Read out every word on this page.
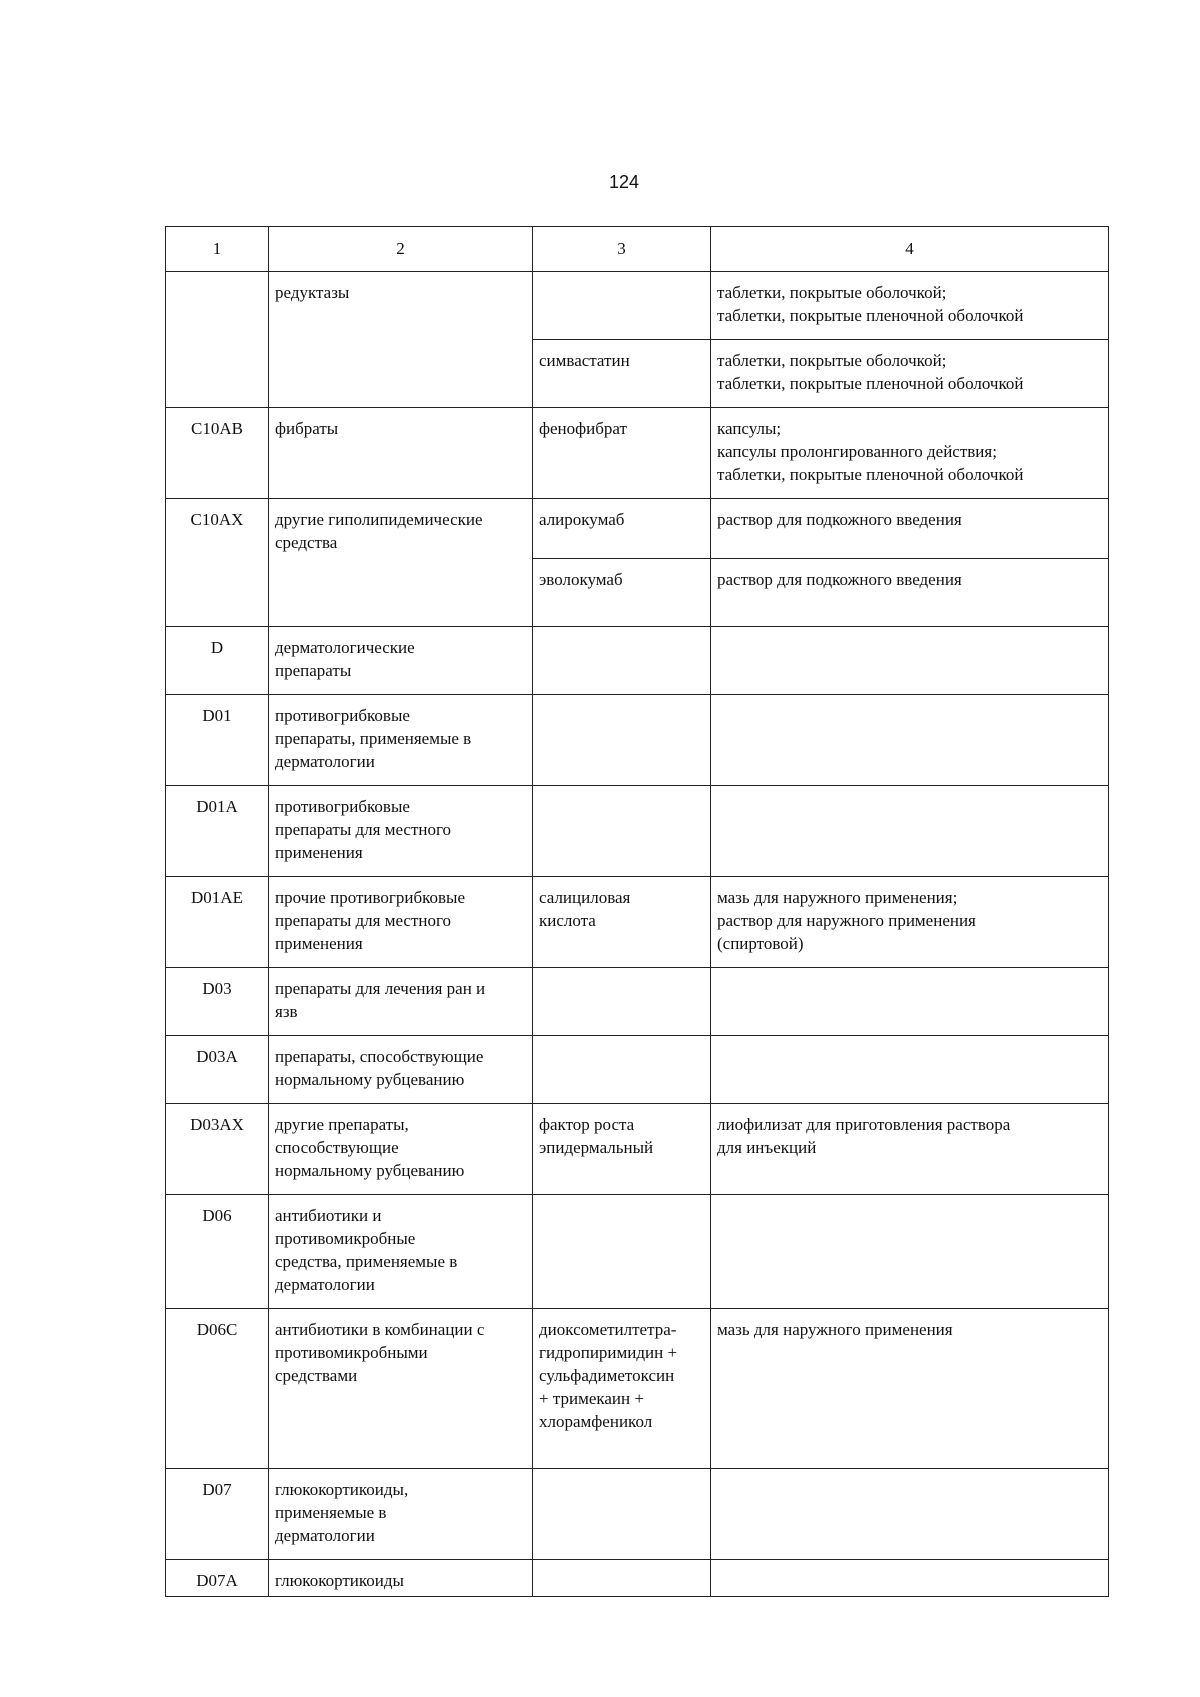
124
1	2	3	4

	редуктазы		таблетки, покрытые оболочкой;
таблетки, покрытые пленочной оболочкой

		симвастатин	таблетки, покрытые оболочкой;
таблетки, покрытые пленочной оболочкой

C10AB	фибраты	фенофибрат	капсулы;
капсулы пролонгированного действия;
таблетки, покрытые пленочной оболочкой

C10AX	другие гиполипидемические
средства	алирокумаб	раствор для подкожного введения

		эволокумаб	раствор для подкожного введения

D	дерматологические
препараты		

D01	противогрибковые
препараты, применяемые в
дерматологии		

D01A	противогрибковые
препараты для местного
применения		

D01AE	прочие противогрибковые
препараты для местного
применения	салициловая
кислота	мазь для наружного применения;
раствор для наружного применения
(спиртовой)

D03	препараты для лечения ран и
язв		

D03A	препараты, способствующие
нормальному рубцеванию		

D03AX	другие препараты,
способствующие
нормальному рубцеванию	фактор роста
эпидермальный	лиофилизат для приготовления раствора
для инъекций

D06	антибиотики и
противомикробные
средства, применяемые в
дерматологии		

D06C	антибиотики в комбинации с
противомикробными
средствами	диоксометилтетра-
гидропиримидин +
сульфадиметоксин
+ тримекаин +
хлорамфеникол	мазь для наружного применения

D07	глюкокортикоиды,
применяемые в
дерматологии		

D07A	глюкокортикоиды		
